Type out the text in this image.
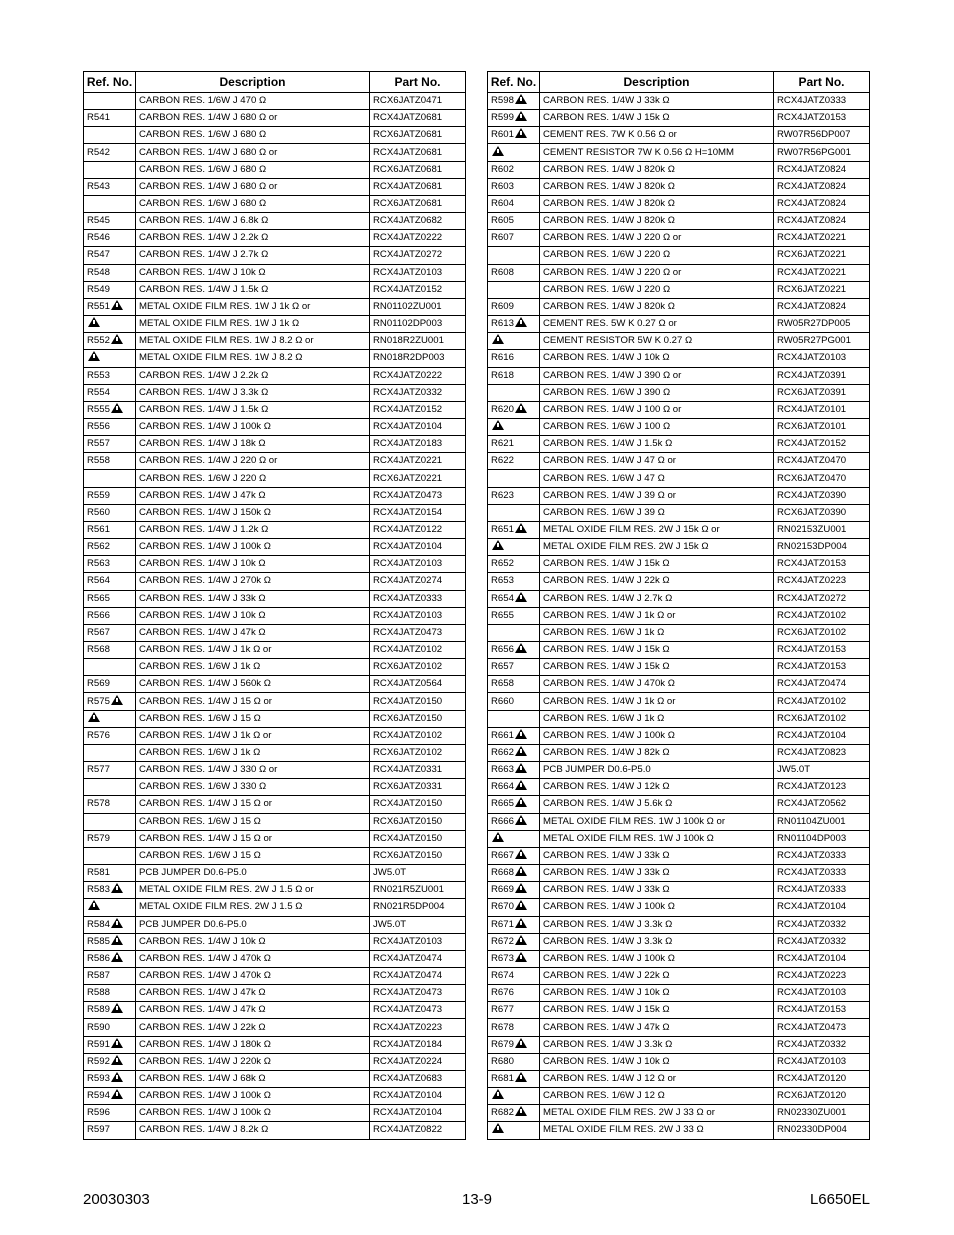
Ref. No.	Description	Part No.
	CARBON RES. 1/6W J 470 Ω	RCX6JATZ0471
R541	CARBON RES. 1/4W J 680 Ω or	RCX4JATZ0681
	CARBON RES. 1/6W J 680 Ω	RCX6JATZ0681
R542	CARBON RES. 1/4W J 680 Ω or	RCX4JATZ0681
	CARBON RES. 1/6W J 680 Ω	RCX6JATZ0681
R543	CARBON RES. 1/4W J 680 Ω or	RCX4JATZ0681
	CARBON RES. 1/6W J 680 Ω	RCX6JATZ0681
R545	CARBON RES. 1/4W J 6.8k Ω	RCX4JATZ0682
R546	CARBON RES. 1/4W J 2.2k Ω	RCX4JATZ0222
R547	CARBON RES. 1/4W J 2.7k Ω	RCX4JATZ0272
R548	CARBON RES. 1/4W J 10k Ω	RCX4JATZ0103
R549	CARBON RES. 1/4W J 1.5k Ω	RCX4JATZ0152
R551	METAL OXIDE FILM RES. 1W J 1k Ω or	RN01102ZU001
	METAL OXIDE FILM RES. 1W J 1k Ω	RN01102DP003
R552	METAL OXIDE FILM RES. 1W J 8.2 Ω or	RN018R2ZU001
	METAL OXIDE FILM RES. 1W J 8.2 Ω	RN018R2DP003
R553	CARBON RES. 1/4W J 2.2k Ω	RCX4JATZ0222
R554	CARBON RES. 1/4W J 3.3k Ω	RCX4JATZ0332
R555	CARBON RES. 1/4W J 1.5k Ω	RCX4JATZ0152
R556	CARBON RES. 1/4W J 100k Ω	RCX4JATZ0104
R557	CARBON RES. 1/4W J 18k Ω	RCX4JATZ0183
R558	CARBON RES. 1/4W J 220 Ω or	RCX4JATZ0221
	CARBON RES. 1/6W J 220 Ω	RCX6JATZ0221
R559	CARBON RES. 1/4W J 47k Ω	RCX4JATZ0473
R560	CARBON RES. 1/4W J 150k Ω	RCX4JATZ0154
R561	CARBON RES. 1/4W J 1.2k Ω	RCX4JATZ0122
R562	CARBON RES. 1/4W J 100k Ω	RCX4JATZ0104
R563	CARBON RES. 1/4W J 10k Ω	RCX4JATZ0103
R564	CARBON RES. 1/4W J 270k Ω	RCX4JATZ0274
R565	CARBON RES. 1/4W J 33k Ω	RCX4JATZ0333
R566	CARBON RES. 1/4W J 10k Ω	RCX4JATZ0103
R567	CARBON RES. 1/4W J 47k Ω	RCX4JATZ0473
R568	CARBON RES. 1/4W J 1k Ω or	RCX4JATZ0102
	CARBON RES. 1/6W J 1k Ω	RCX6JATZ0102
R569	CARBON RES. 1/4W J 560k Ω	RCX4JATZ0564
R575	CARBON RES. 1/4W J 15 Ω or	RCX4JATZ0150
	CARBON RES. 1/6W J 15 Ω	RCX6JATZ0150
R576	CARBON RES. 1/4W J 1k Ω or	RCX4JATZ0102
	CARBON RES. 1/6W J 1k Ω	RCX6JATZ0102
R577	CARBON RES. 1/4W J 330 Ω or	RCX4JATZ0331
	CARBON RES. 1/6W J 330 Ω	RCX6JATZ0331
R578	CARBON RES. 1/4W J 15 Ω or	RCX4JATZ0150
	CARBON RES. 1/6W J 15 Ω	RCX6JATZ0150
R579	CARBON RES. 1/4W J 15 Ω or	RCX4JATZ0150
	CARBON RES. 1/6W J 15 Ω	RCX6JATZ0150
R581	PCB JUMPER D0.6-P5.0	JW5.0T
R583	METAL OXIDE FILM RES. 2W J 1.5 Ω or	RN021R5ZU001
	METAL OXIDE FILM RES. 2W J 1.5 Ω	RN021R5DP004
R584	PCB JUMPER D0.6-P5.0	JW5.0T
R585	CARBON RES. 1/4W J 10k Ω	RCX4JATZ0103
R586	CARBON RES. 1/4W J 470k Ω	RCX4JATZ0474
R587	CARBON RES. 1/4W J 470k Ω	RCX4JATZ0474
R588	CARBON RES. 1/4W J 47k Ω	RCX4JATZ0473
R589	CARBON RES. 1/4W J 47k Ω	RCX4JATZ0473
R590	CARBON RES. 1/4W J 22k Ω	RCX4JATZ0223
R591	CARBON RES. 1/4W J 180k Ω	RCX4JATZ0184
R592	CARBON RES. 1/4W J 220k Ω	RCX4JATZ0224
R593	CARBON RES. 1/4W J 68k Ω	RCX4JATZ0683
R594	CARBON RES. 1/4W J 100k Ω	RCX4JATZ0104
R596	CARBON RES. 1/4W J 100k Ω	RCX4JATZ0104
R597	CARBON RES. 1/4W J 8.2k Ω	RCX4JATZ0822
Ref. No.	Description	Part No.
R598	CARBON RES. 1/4W J 33k Ω	RCX4JATZ0333
R599	CARBON RES. 1/4W J 15k Ω	RCX4JATZ0153
R601	CEMENT RES. 7W K 0.56 Ω or	RW07R56DP007
	CEMENT RESISTOR 7W K 0.56 Ω H=10MM	RW07R56PG001
R602	CARBON RES. 1/4W J 820k Ω	RCX4JATZ0824
R603	CARBON RES. 1/4W J 820k Ω	RCX4JATZ0824
R604	CARBON RES. 1/4W J 820k Ω	RCX4JATZ0824
R605	CARBON RES. 1/4W J 820k Ω	RCX4JATZ0824
R607	CARBON RES. 1/4W J 220 Ω or	RCX4JATZ0221
	CARBON RES. 1/6W J 220 Ω	RCX6JATZ0221
R608	CARBON RES. 1/4W J 220 Ω or	RCX4JATZ0221
	CARBON RES. 1/6W J 220 Ω	RCX6JATZ0221
R609	CARBON RES. 1/4W J 820k Ω	RCX4JATZ0824
R613	CEMENT RES. 5W K 0.27 Ω or	RW05R27DP005
	CEMENT RESISTOR 5W K 0.27 Ω	RW05R27PG001
R616	CARBON RES. 1/4W J 10k Ω	RCX4JATZ0103
R618	CARBON RES. 1/4W J 390 Ω or	RCX4JATZ0391
	CARBON RES. 1/6W J 390 Ω	RCX6JATZ0391
R620	CARBON RES. 1/4W J 100 Ω or	RCX4JATZ0101
	CARBON RES. 1/6W J 100 Ω	RCX6JATZ0101
R621	CARBON RES. 1/4W J 1.5k Ω	RCX4JATZ0152
R622	CARBON RES. 1/4W J 47 Ω or	RCX4JATZ0470
	CARBON RES. 1/6W J 47 Ω	RCX6JATZ0470
R623	CARBON RES. 1/4W J 39 Ω or	RCX4JATZ0390
	CARBON RES. 1/6W J 39 Ω	RCX6JATZ0390
R651	METAL OXIDE FILM RES. 2W J 15k Ω or	RN02153ZU001
	METAL OXIDE FILM RES. 2W J 15k Ω	RN02153DP004
R652	CARBON RES. 1/4W J 15k Ω	RCX4JATZ0153
R653	CARBON RES. 1/4W J 22k Ω	RCX4JATZ0223
R654	CARBON RES. 1/4W J 2.7k Ω	RCX4JATZ0272
R655	CARBON RES. 1/4W J 1k Ω or	RCX4JATZ0102
	CARBON RES. 1/6W J 1k Ω	RCX6JATZ0102
R656	CARBON RES. 1/4W J 15k Ω	RCX4JATZ0153
R657	CARBON RES. 1/4W J 15k Ω	RCX4JATZ0153
R658	CARBON RES. 1/4W J 470k Ω	RCX4JATZ0474
R660	CARBON RES. 1/4W J 1k Ω or	RCX4JATZ0102
	CARBON RES. 1/6W J 1k Ω	RCX6JATZ0102
R661	CARBON RES. 1/4W J 100k Ω	RCX4JATZ0104
R662	CARBON RES. 1/4W J 82k Ω	RCX4JATZ0823
R663	PCB JUMPER D0.6-P5.0	JW5.0T
R664	CARBON RES. 1/4W J 12k Ω	RCX4JATZ0123
R665	CARBON RES. 1/4W J 5.6k Ω	RCX4JATZ0562
R666	METAL OXIDE FILM RES. 1W J 100k Ω or	RN01104ZU001
	METAL OXIDE FILM RES. 1W J 100k Ω	RN01104DP003
R667	CARBON RES. 1/4W J 33k Ω	RCX4JATZ0333
R668	CARBON RES. 1/4W J 33k Ω	RCX4JATZ0333
R669	CARBON RES. 1/4W J 33k Ω	RCX4JATZ0333
R670	CARBON RES. 1/4W J 100k Ω	RCX4JATZ0104
R671	CARBON RES. 1/4W J 3.3k Ω	RCX4JATZ0332
R672	CARBON RES. 1/4W J 3.3k Ω	RCX4JATZ0332
R673	CARBON RES. 1/4W J 100k Ω	RCX4JATZ0104
R674	CARBON RES. 1/4W J 22k Ω	RCX4JATZ0223
R676	CARBON RES. 1/4W J 10k Ω	RCX4JATZ0103
R677	CARBON RES. 1/4W J 15k Ω	RCX4JATZ0153
R678	CARBON RES. 1/4W J 47k Ω	RCX4JATZ0473
R679	CARBON RES. 1/4W J 3.3k Ω	RCX4JATZ0332
R680	CARBON RES. 1/4W J 10k Ω	RCX4JATZ0103
R681	CARBON RES. 1/4W J 12 Ω or	RCX4JATZ0120
	CARBON RES. 1/6W J 12 Ω	RCX6JATZ0120
R682	METAL OXIDE FILM RES. 2W J 33 Ω or	RN02330ZU001
	METAL OXIDE FILM RES. 2W J 33 Ω	RN02330DP004
20030303	13-9	L6650EL
